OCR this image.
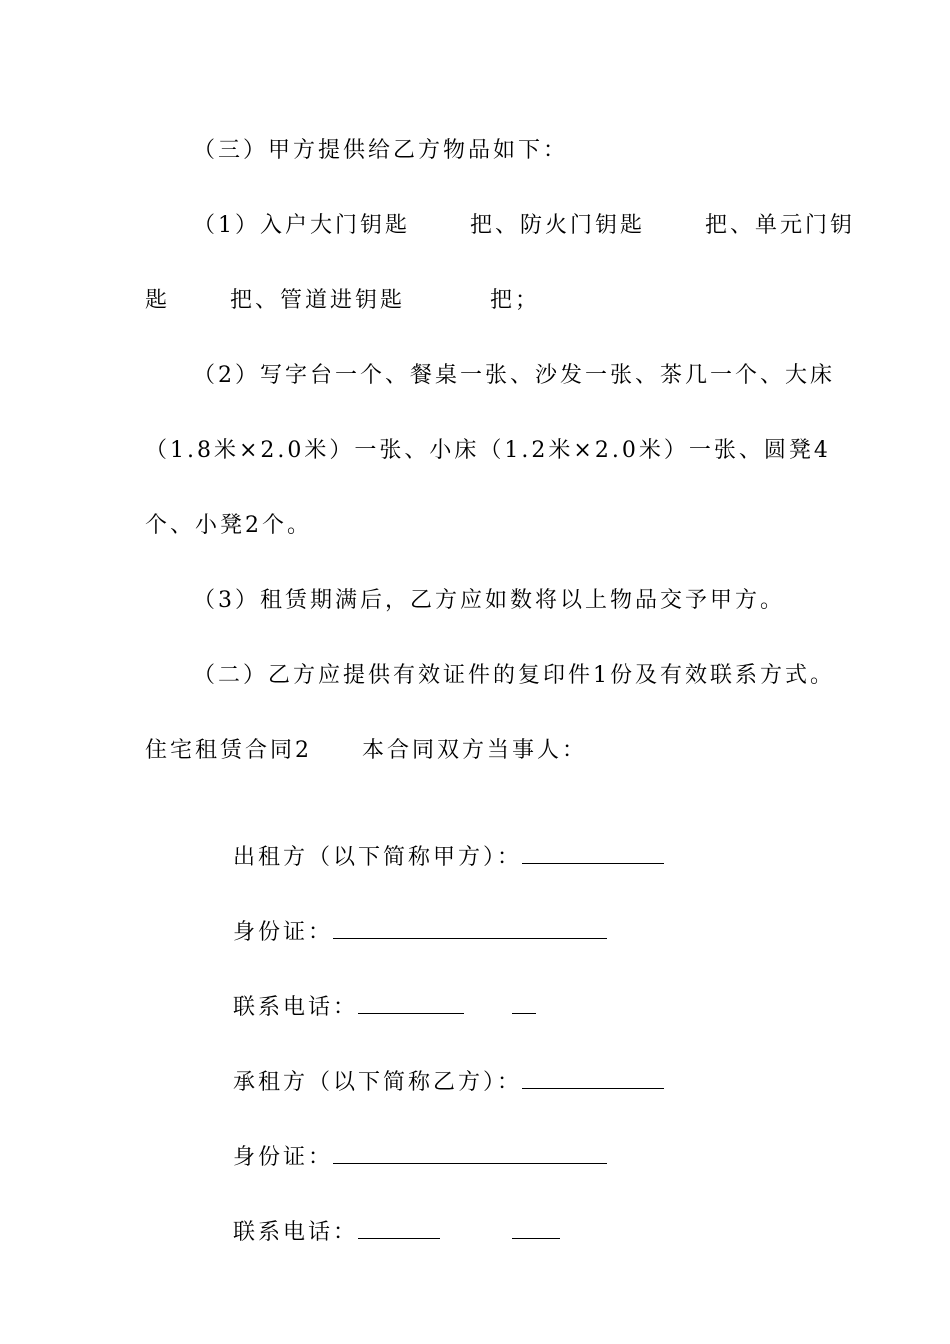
（三）甲方提供给乙方物品如下：
（1）入户大门钥匙　　 把、防火门钥匙　　 把、单元门钥
匙　　 把、管道进钥匙　　　 把；
（2）写字台一个、餐桌一张、沙发一张、茶几一个、大床
（1.8米×2.0米）一张、小床（1.2米×2.0米）一张、圆凳4
个、小凳2个。
（3）租赁期满后，乙方应如数将以上物品交予甲方。
（二）乙方应提供有效证件的复印件1份及有效联系方式。
住宅租赁合同2　　本合同双方当事人：

出租方（以下简称甲方）：

身份证：

联系电话：

承租方（以下简称乙方）：

身份证：

联系电话：
